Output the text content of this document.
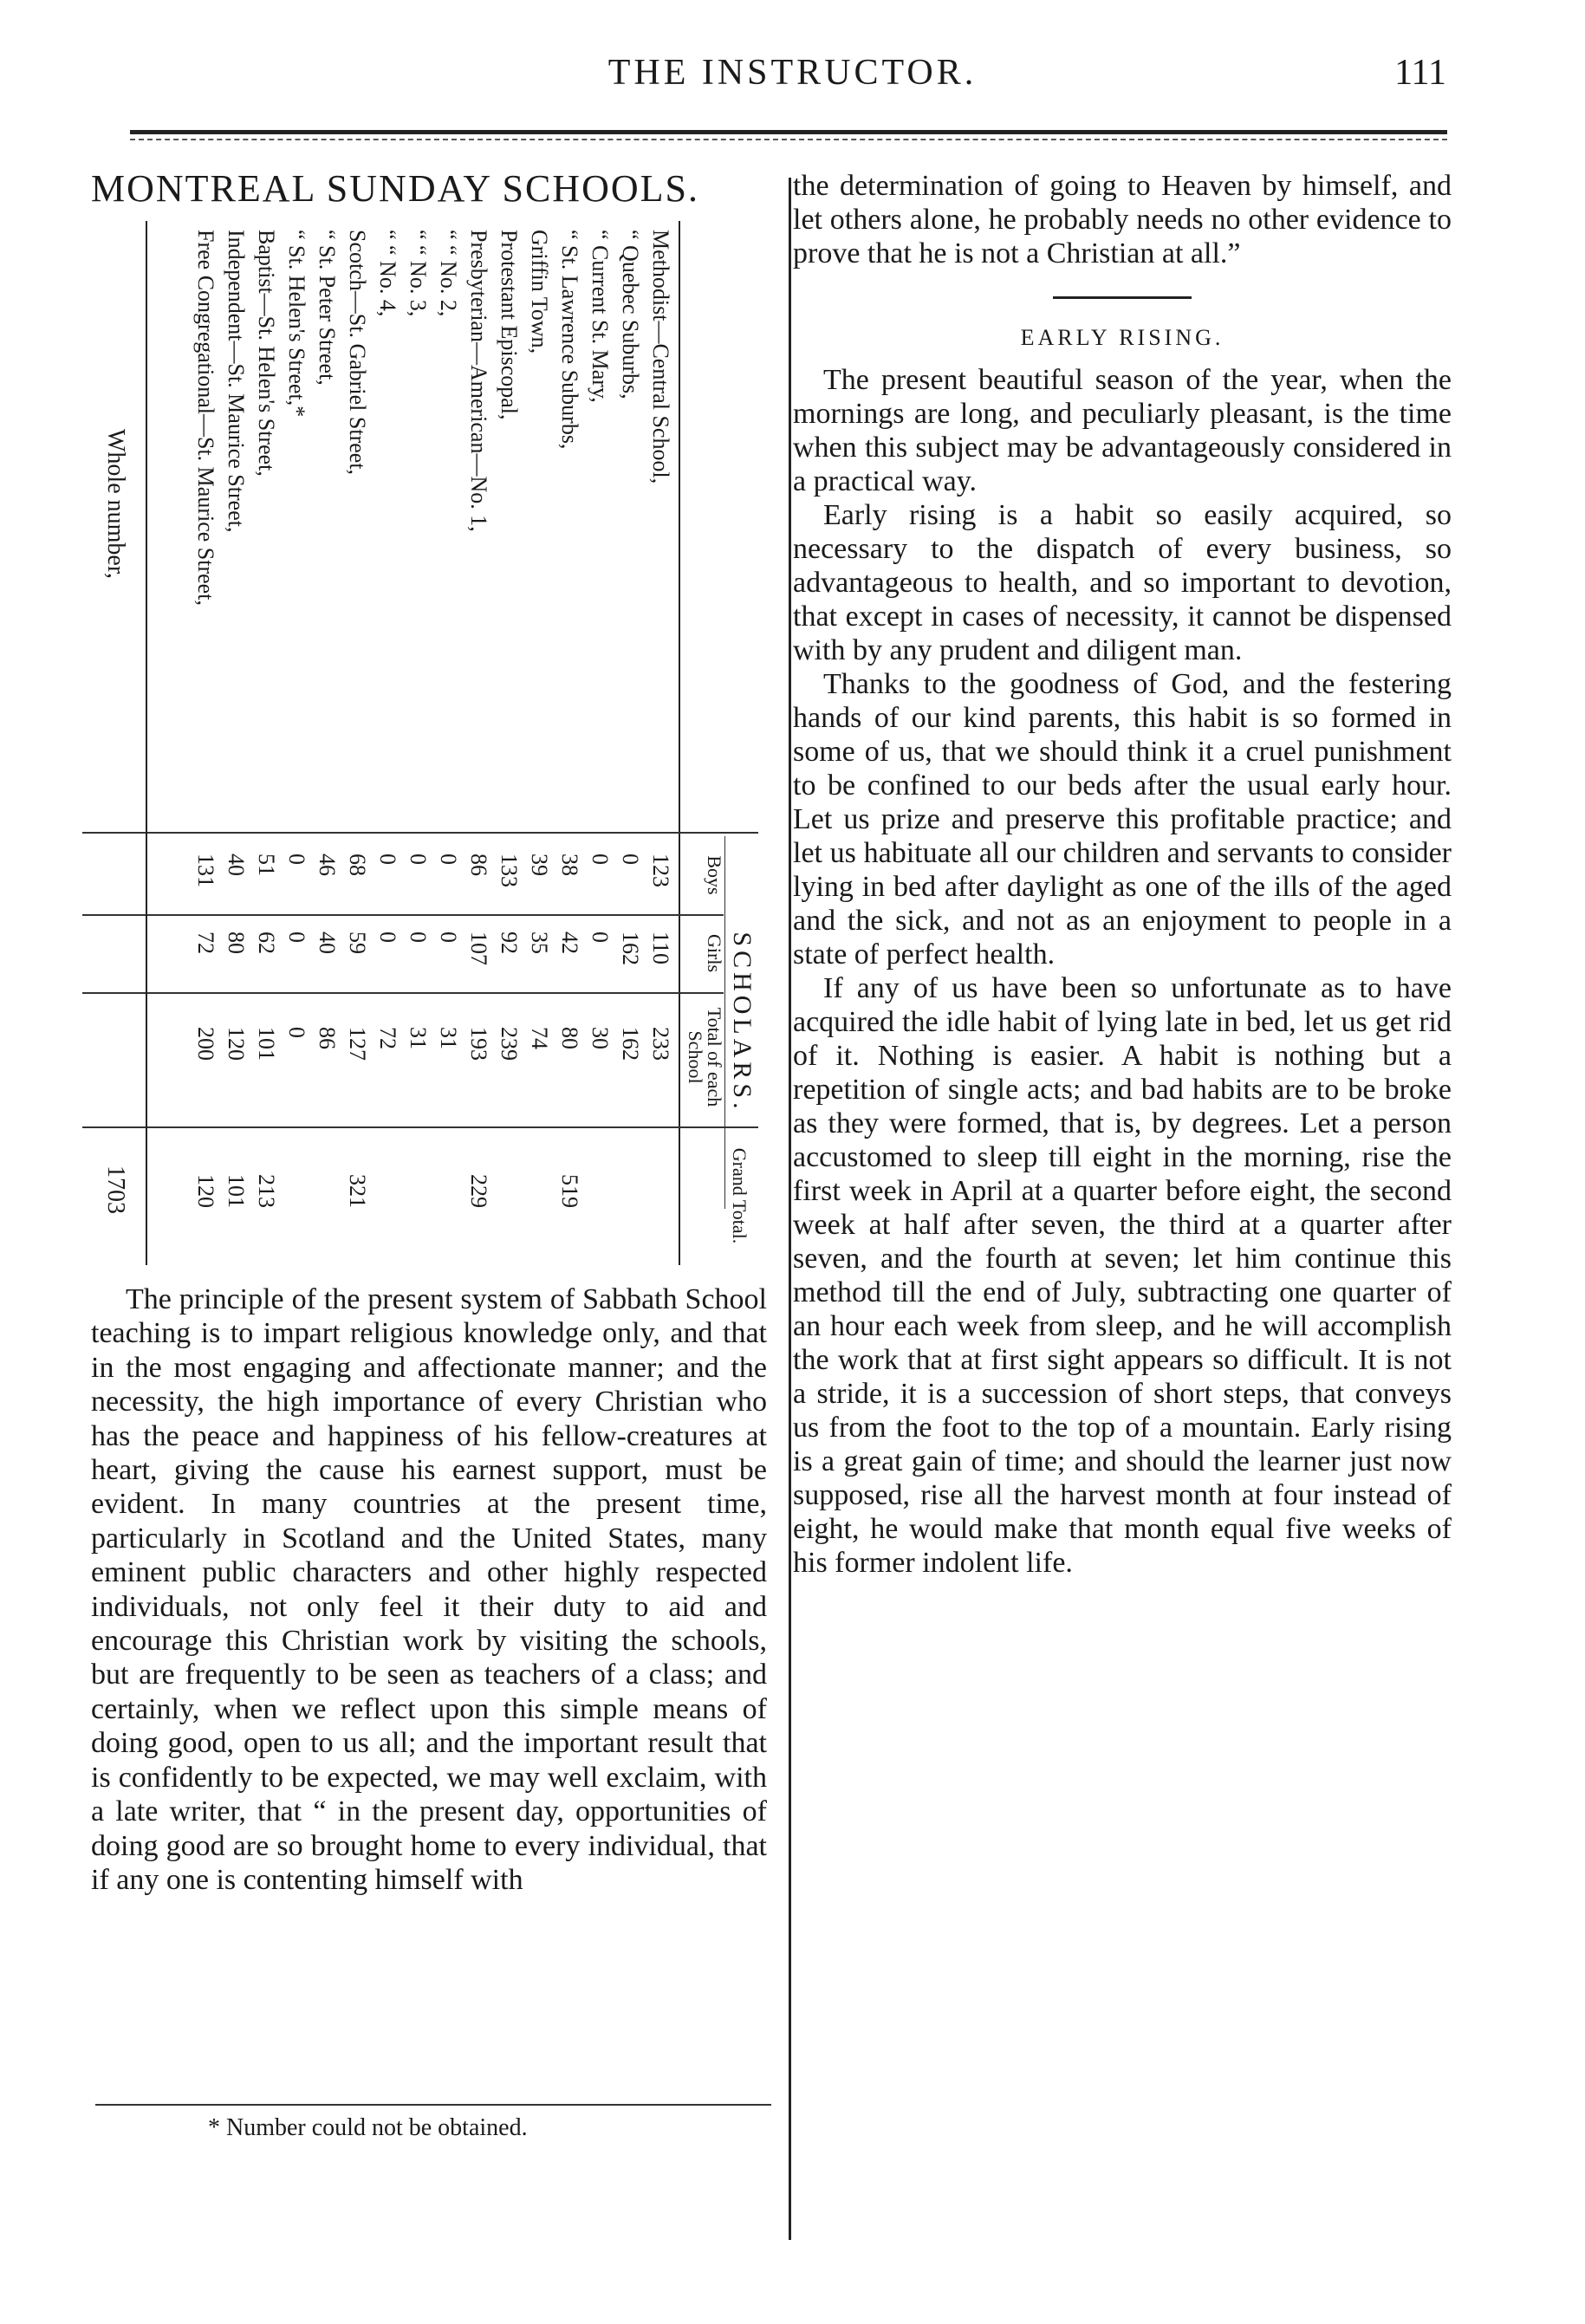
THE INSTRUCTOR.	111
MONTREAL SUNDAY SCHOOLS.
SCHOLARS.
Boys
Girls
Total of each School
Grand Total.
Methodist—Central School,
123
110
233
“ Quebec Suburbs,
0
162
162
“ Current St. Mary,
0
0
30
“ St. Lawrence Suburbs,
38
42
80
519
Griffin Town,
39
35
74
Protestant Episcopal,
133
92
239
Presbyterian—American—No. 1,
86
107
193
229
“ “ No. 2,
0
0
31
“ “ No. 3,
0
0
31
“ “ No. 4,
0
0
72
Scotch—St. Gabriel Street,
68
59
127
321
“ St. Peter Street,
46
40
86
“ St. Helen's Street,*
0
0
0
Baptist—St. Helen's Street,
51
62
101
213
Independent—St. Maurice Street,
40
80
120
101
Free Congregational—St. Maurice Street,
131
72
200
120
Whole number,
1703

The principle of the present system of Sabbath School teaching is to impart religious knowledge only, and that in the most engaging and affectionate manner; and the necessity, the high importance of every Christian who has the peace and happiness of his fellow-creatures at heart, giving the cause his earnest support, must be evident. In many countries at the present time, particularly in Scotland and the United States, many eminent public characters and other highly respected individuals, not only feel it their duty to aid and encourage this Christian work by visiting the schools, but are frequently to be seen as teachers of a class; and certainly, when we reflect upon this simple means of doing good, open to us all; and the important result that is confidently to be expected, we may well exclaim, with a late writer, that “ in the present day, opportunities of doing good are so brought home to every individual, that if any one is contenting himself with

* Number could not be obtained.

the determination of going to Heaven by himself, and let others alone, he probably needs no other evidence to prove that he is not a Christian at all.”

EARLY RISING.

The present beautiful season of the year, when the mornings are long, and peculiarly pleasant, is the time when this subject may be advantageously considered in a practical way.

Early rising is a habit so easily acquired, so necessary to the dispatch of every business, so advantageous to health, and so important to devotion, that except in cases of necessity, it cannot be dispensed with by any prudent and diligent man.

Thanks to the goodness of God, and the festering hands of our kind parents, this habit is so formed in some of us, that we should think it a cruel punishment to be confined to our beds after the usual early hour. Let us prize and preserve this profitable practice; and let us habituate all our children and servants to consider lying in bed after daylight as one of the ills of the aged and the sick, and not as an enjoyment to people in a state of perfect health.

If any of us have been so unfortunate as to have acquired the idle habit of lying late in bed, let us get rid of it. Nothing is easier. A habit is nothing but a repetition of single acts; and bad habits are to be broke as they were formed, that is, by degrees. Let a person accustomed to sleep till eight in the morning, rise the first week in April at a quarter before eight, the second week at half after seven, the third at a quarter after seven, and the fourth at seven; let him continue this method till the end of July, subtracting one quarter of an hour each week from sleep, and he will accomplish the work that at first sight appears so difficult. It is not a stride, it is a succession of short steps, that conveys us from the foot to the top of a mountain. Early rising is a great gain of time; and should the learner just now supposed, rise all the harvest month at four instead of eight, he would make that month equal five weeks of his former indolent life.
